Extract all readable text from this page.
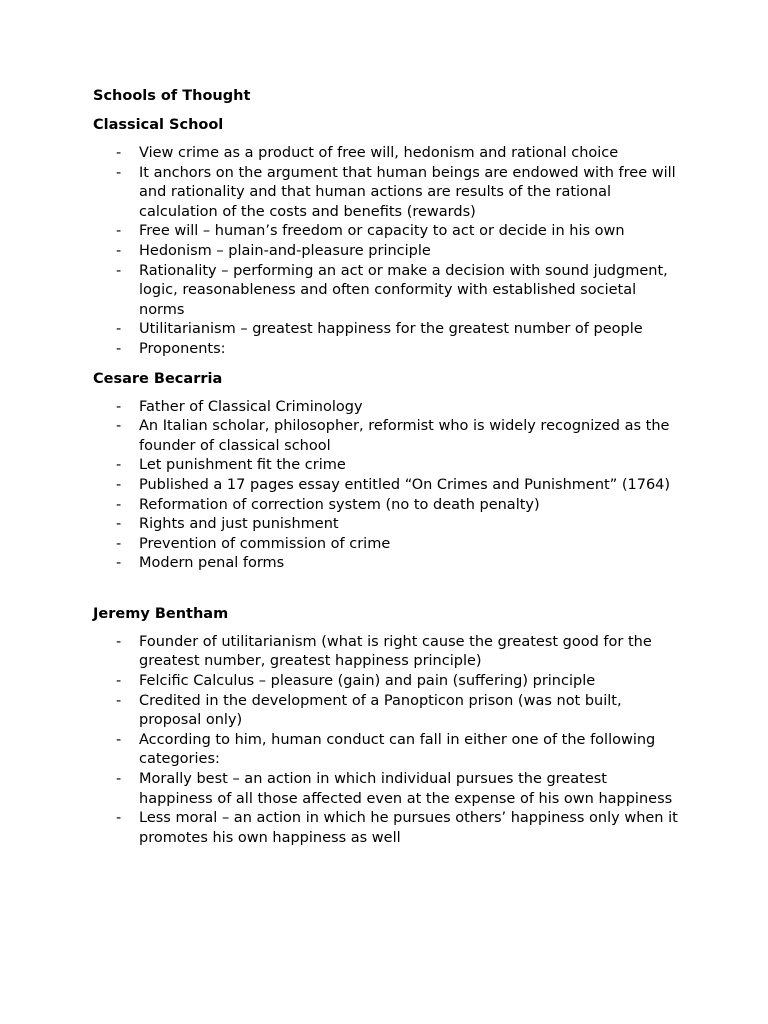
Schools of Thought

Classical School

- View crime as a product of free will, hedonism and rational choice
- It anchors on the argument that human beings are endowed with free will and rationality and that human actions are results of the rational calculation of the costs and benefits (rewards)
- Free will – human’s freedom or capacity to act or decide in his own
- Hedonism – plain-and-pleasure principle
- Rationality – performing an act or make a decision with sound judgment, logic, reasonableness and often conformity with established societal norms
- Utilitarianism – greatest happiness for the greatest number of people
- Proponents:

Cesare Becarria

- Father of Classical Criminology
- An Italian scholar, philosopher, reformist who is widely recognized as the founder of classical school
- Let punishment fit the crime
- Published a 17 pages essay entitled “On Crimes and Punishment” (1764)
- Reformation of correction system (no to death penalty)
- Rights and just punishment
- Prevention of commission of crime
- Modern penal forms

Jeremy Bentham

- Founder of utilitarianism (what is right cause the greatest good for the greatest number, greatest happiness principle)
- Felcific Calculus – pleasure (gain) and pain (suffering) principle
- Credited in the development of a Panopticon prison (was not built, proposal only)
- According to him, human conduct can fall in either one of the following categories:
- Morally best – an action in which individual pursues the greatest happiness of all those affected even at the expense of his own happiness
- Less moral – an action in which he pursues others’ happiness only when it promotes his own happiness as well
